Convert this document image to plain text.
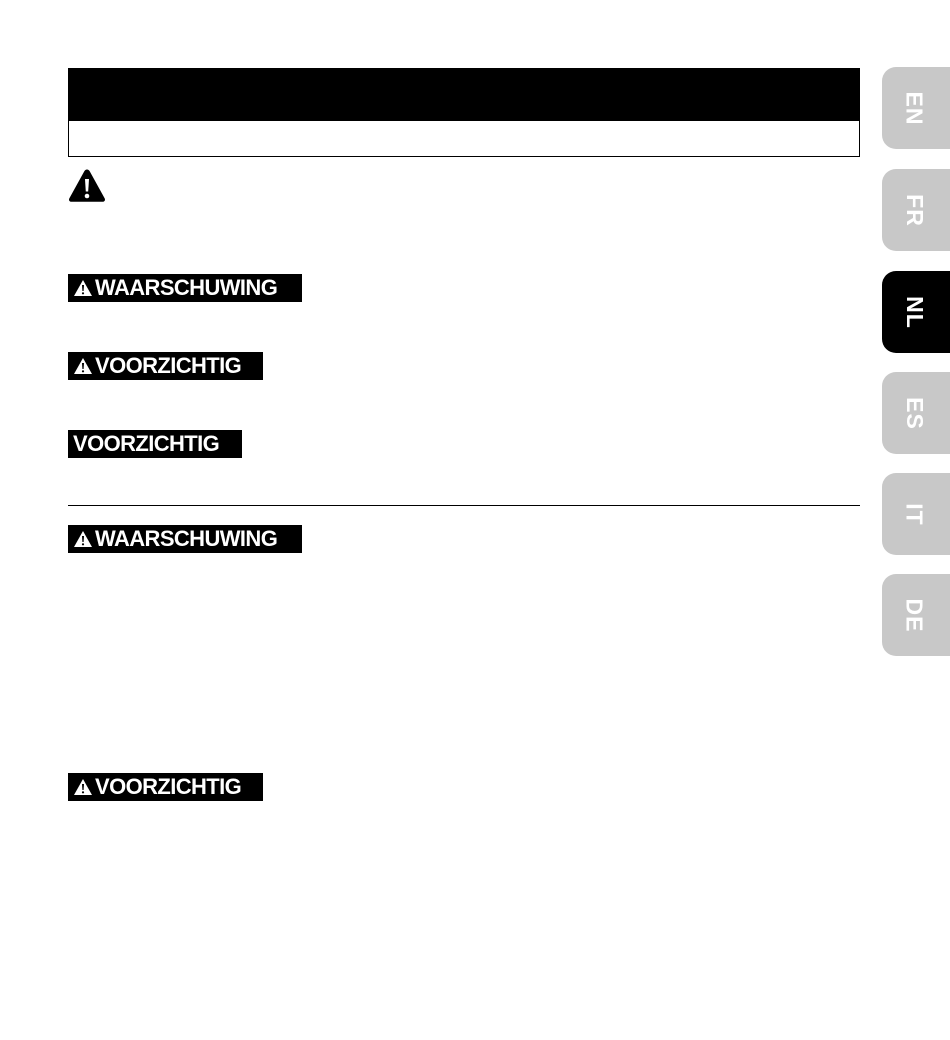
WAARSCHUWING
VOORZICHTIG
VOORZICHTIG
WAARSCHUWING
VOORZICHTIG
EN
FR
NL
ES
IT
DE
